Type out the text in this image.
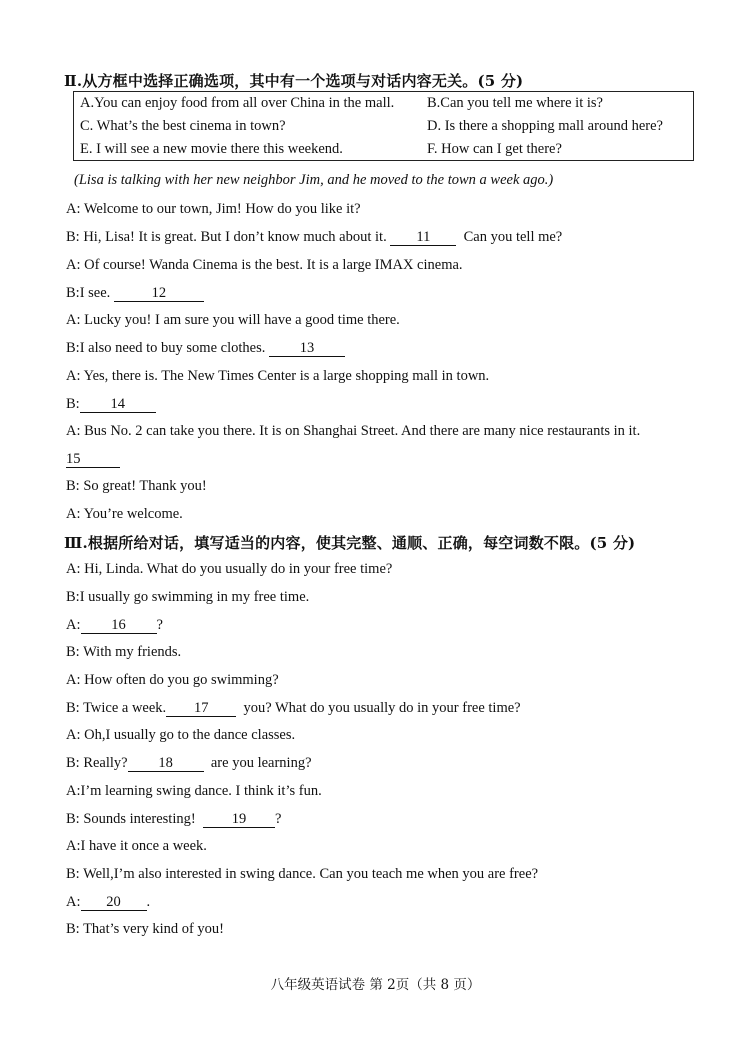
Ⅱ.从方框中选择正确选项，其中有一个选项与对话内容无关。(5 分)
A.You can enjoy food from all over China in the mall. B.Can you tell me where it is?
C. What’s the best cinema in town?	D. Is there a shopping mall around here?
E. I will see a new movie there this weekend.	F. How can I get there?
(Lisa is talking with her new neighbor Jim, and he moved to the town a week ago.)
A: Welcome to our town, Jim! How do you like it?
B: Hi, Lisa! It is great. But I don’t know much about it. 11  Can you tell me?
A: Of course! Wanda Cinema is the best. It is a large IMAX cinema.
B:I see.	12
A: Lucky you! I am sure you will have a good time there.
B:I also need to buy some clothes. 13
A: Yes, there is. The New Times Center is a large shopping mall in town.
B: 14
A: Bus No. 2 can take you there. It is on Shanghai Street. And there are many nice restaurants in it.
15
B: So great! Thank you!
A: You’re welcome.
Ⅲ.根据所给对话，填写适当的内容，使其完整、通顺、正确，每空词数不限。(5 分)
A: Hi, Linda. What do you usually do in your free time?
B:I usually go swimming in my free time.
A: 16 ?
B: With my friends.
A: How often do you go swimming?
B: Twice a week. 17  you? What do you usually do in your free time?
A: Oh,I usually go to the dance classes.
B: Really? 18  are you learning?
A:I’m learning swing dance. I think it’s fun.
B: Sounds interesting!  19 ?
A:I have it once a week.
B: Well,I’m also interested in swing dance. Can you teach me when you are free?
A: 20 .
B: That’s very kind of you!
八年级英语试卷 第 2页（共 8 页）
